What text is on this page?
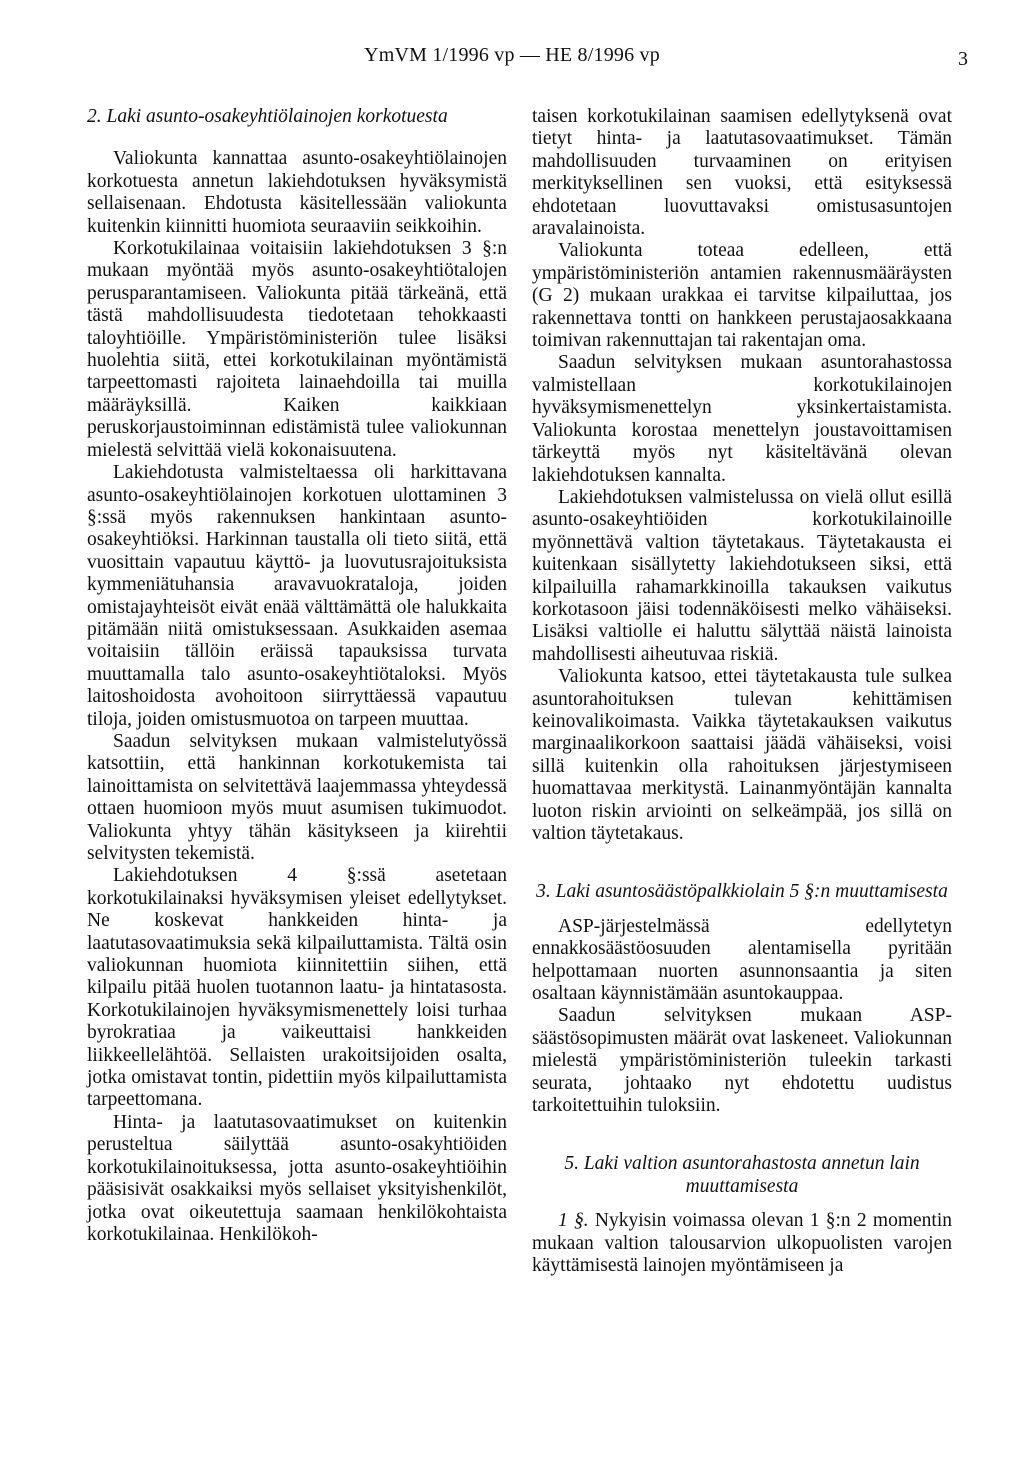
YmVM 1/1996 vp — HE 8/1996 vp	3

2. Laki asunto-osakeyhtiölainojen korkotuesta

Valiokunta kannattaa asunto-osakeyhtiölainojen korkotuesta annetun lakiehdotuksen hyväksymistä sellaisenaan. Ehdotusta käsitellessään valiokunta kuitenkin kiinnitti huomiota seuraaviin seikkoihin.

Korkotukilainaa voitaisiin lakiehdotuksen 3 §:n mukaan myöntää myös asunto-osakeyhtiötalojen perusparantamiseen. Valiokunta pitää tärkeänä, että tästä mahdollisuudesta tiedotetaan tehokkaasti taloyhtiöille. Ympäristöministeriön tulee lisäksi huolehtia siitä, ettei korkotukilainan myöntämistä tarpeettomasti rajoiteta lainaehdoilla tai muilla määräyksillä. Kaiken kaikkiaan peruskorjaustoiminnan edistämistä tulee valiokunnan mielestä selvittää vielä kokonaisuutena.

Lakiehdotusta valmisteltaessa oli harkittavana asunto-osakeyhtiölainojen korkotuen ulottaminen 3 §:ssä myös rakennuksen hankintaan asunto-osakeyhtiöksi. Harkinnan taustalla oli tieto siitä, että vuosittain vapautuu käyttö- ja luovutusrajoituksista kymmeniätuhansia aravavuokrataloja, joiden omistajayhteisöt eivät enää välttämättä ole halukkaita pitämään niitä omistuksessaan. Asukkaiden asemaa voitaisiin tällöin eräissä tapauksissa turvata muuttamalla talo asunto-osakeyhtiötaloksi. Myös laitoshoidosta avohoitoon siirryttäessä vapautuu tiloja, joiden omistusmuotoa on tarpeen muuttaa.

Saadun selvityksen mukaan valmistelutyössä katsottiin, että hankinnan korkotukemista tai lainoittamista on selvitettävä laajemmassa yhteydessä ottaen huomioon myös muut asumisen tukimuodot. Valiokunta yhtyy tähän käsitykseen ja kiirehtii selvitysten tekemistä.

Lakiehdotuksen 4 §:ssä asetetaan korkotukilainaksi hyväksymisen yleiset edellytykset. Ne koskevat hankkeiden hinta- ja laatutasovaatimuksia sekä kilpailuttamista. Tältä osin valiokunnan huomiota kiinnitettiin siihen, että kilpailu pitää huolen tuotannon laatu- ja hintatasosta. Korkotukilainojen hyväksymismenettely loisi turhaa byrokratiaa ja vaikeuttaisi hankkeiden liikkeellelähtöä. Sellaisten urakoitsijoiden osalta, jotka omistavat tontin, pidettiin myös kilpailuttamista tarpeettomana.

Hinta- ja laatutasovaatimukset on kuitenkin perusteltua säilyttää asunto-osakyhtiöiden korkotukilainoituksessa, jotta asunto-osakeyhtiöihin pääsisivät osakkaiksi myös sellaiset yksityishenkilöt, jotka ovat oikeutettuja saamaan henkilökohtaista korkotukilainaa. Henkilökoh-

taisen korkotukilainan saamisen edellytyksenä ovat tietyt hinta- ja laatutasovaatimukset. Tämän mahdollisuuden turvaaminen on erityisen merkityksellinen sen vuoksi, että esityksessä ehdotetaan luovuttavaksi omistusasuntojen aravalainoista.

Valiokunta toteaa edelleen, että ympäristöministeriön antamien rakennusmääräysten (G 2) mukaan urakkaa ei tarvitse kilpailuttaa, jos rakennettava tontti on hankkeen perustajaosakkaana toimivan rakennuttajan tai rakentajan oma.

Saadun selvityksen mukaan asuntorahastossa valmistellaan korkotukilainojen hyväksymismenettelyn yksinkertaistamista. Valiokunta korostaa menettelyn joustavoittamisen tärkeyttä myös nyt käsiteltävänä olevan lakiehdotuksen kannalta.

Lakiehdotuksen valmistelussa on vielä ollut esillä asunto-osakeyhtiöiden korkotukilainoille myönnettävä valtion täytetakaus. Täytetakausta ei kuitenkaan sisällytetty lakiehdotukseen siksi, että kilpailuilla rahamarkkinoilla takauksen vaikutus korkotasoon jäisi todennäköisesti melko vähäiseksi. Lisäksi valtiolle ei haluttu sälyttää näistä lainoista mahdollisesti aiheutuvaa riskiä.

Valiokunta katsoo, ettei täytetakausta tule sulkea asuntorahoituksen tulevan kehittämisen keinovalikoimasta. Vaikka täytetakauksen vaikutus marginaalikorkoon saattaisi jäädä vähäiseksi, voisi sillä kuitenkin olla rahoituksen järjestymiseen huomattavaa merkitystä. Lainanmyöntäjän kannalta luoton riskin arviointi on selkeämpää, jos sillä on valtion täytetakaus.

3. Laki asuntosäästöpalkkiolain 5 §:n muuttamisesta

ASP-järjestelmässä edellytetyn ennakkosäästöosuuden alentamisella pyritään helpottamaan nuorten asunnonsaantia ja siten osaltaan käynnistämään asuntokauppaa.

Saadun selvityksen mukaan ASP-säästösopimusten määrät ovat laskeneet. Valiokunnan mielestä ympäristöministeriön tuleekin tarkasti seurata, johtaako nyt ehdotettu uudistus tarkoitettuihin tuloksiin.

5. Laki valtion asuntorahastosta annetun lain muuttamisesta

1 §. Nykyisin voimassa olevan 1 §:n 2 momentin mukaan valtion talousarvion ulkopuolisten varojen käyttämisestä lainojen myöntämiseen ja
